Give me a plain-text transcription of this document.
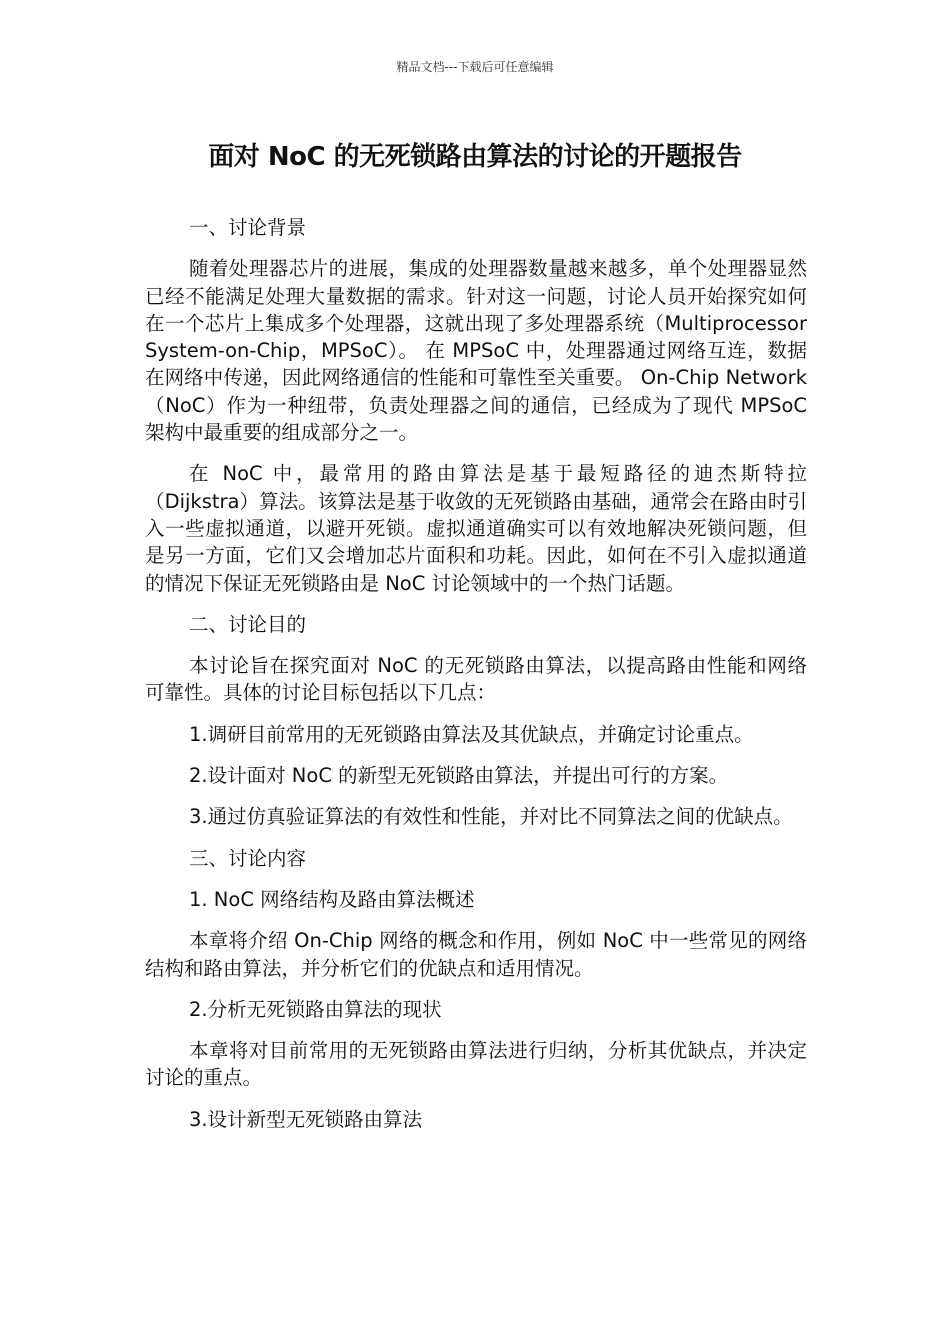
精品文档---下载后可任意编辑
面对 NoC 的无死锁路由算法的讨论的开题报告

一、讨论背景

随着处理器芯片的进展，集成的处理器数量越来越多，单个处理器显然已经不能满足处理大量数据的需求。针对这一问题，讨论人员开始探究如何在一个芯片上集成多个处理器，这就出现了多处理器系统（Multiprocessor System-on-Chip，MPSoC）。 在 MPSoC 中，处理器通过网络互连，数据在网络中传递，因此网络通信的性能和可靠性至关重要。 On-Chip Network（NoC）作为一种纽带，负责处理器之间的通信，已经成为了现代 MPSoC 架构中最重要的组成部分之一。

在 NoC 中，最常用的路由算法是基于最短路径的迪杰斯特拉（Dijkstra）算法。该算法是基于收敛的无死锁路由基础，通常会在路由时引入一些虚拟通道，以避开死锁。虚拟通道确实可以有效地解决死锁问题，但是另一方面，它们又会增加芯片面积和功耗。因此，如何在不引入虚拟通道的情况下保证无死锁路由是 NoC 讨论领域中的一个热门话题。

二、讨论目的

本讨论旨在探究面对 NoC 的无死锁路由算法，以提高路由性能和网络可靠性。具体的讨论目标包括以下几点：

1.调研目前常用的无死锁路由算法及其优缺点，并确定讨论重点。

2.设计面对 NoC 的新型无死锁路由算法，并提出可行的方案。

3.通过仿真验证算法的有效性和性能，并对比不同算法之间的优缺点。

三、讨论内容

1. NoC 网络结构及路由算法概述

本章将介绍 On-Chip 网络的概念和作用，例如 NoC 中一些常见的网络结构和路由算法，并分析它们的优缺点和适用情况。

2.分析无死锁路由算法的现状

本章将对目前常用的无死锁路由算法进行归纳，分析其优缺点，并决定讨论的重点。

3.设计新型无死锁路由算法
